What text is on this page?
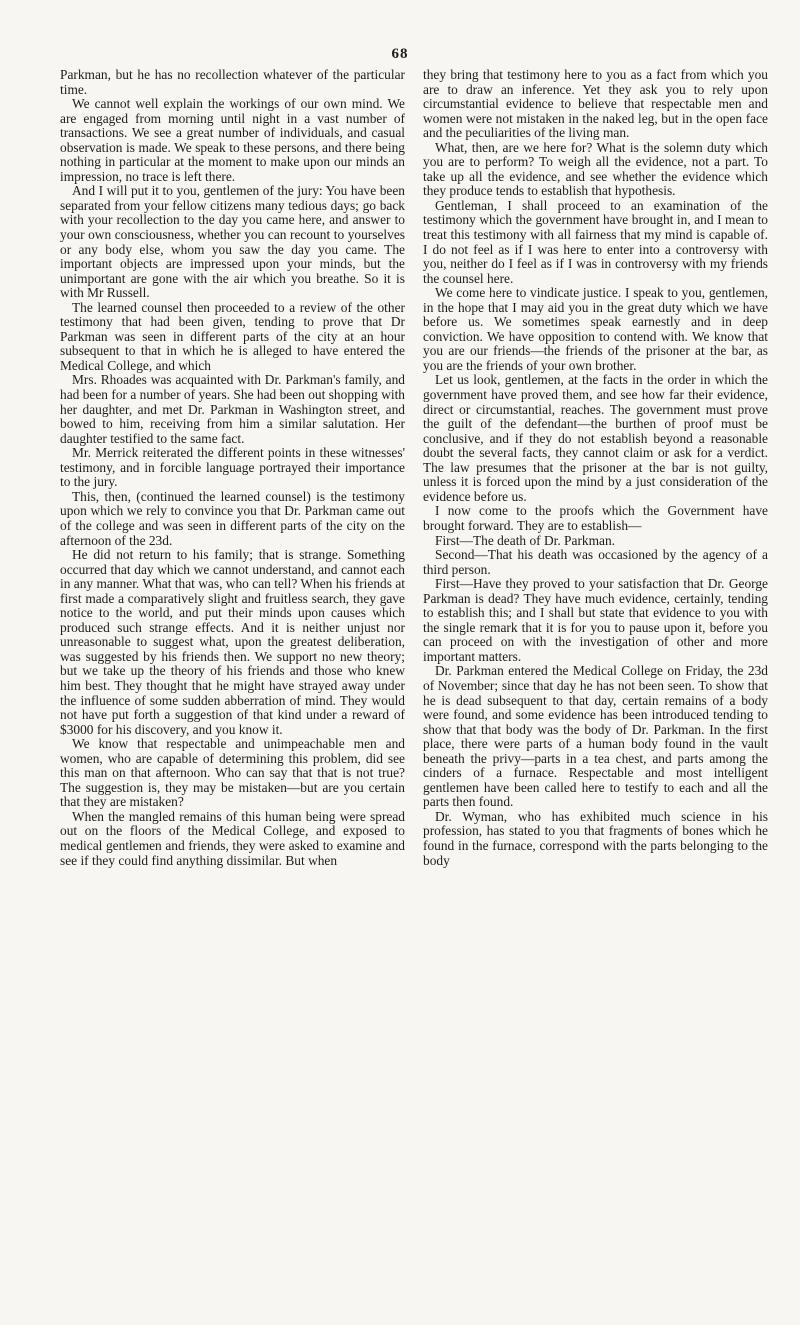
68

Parkman, but he has no recollection whatever of the particular time.

We cannot well explain the workings of our own mind. We are engaged from morning until night in a vast number of transactions. We see a great number of individuals, and casual observation is made. We speak to these persons, and there being nothing in particular at the moment to make upon our minds an impression, no trace is left there.

And I will put it to you, gentlemen of the jury: You have been separated from your fellow citizens many tedious days; go back with your recollection to the day you came here, and answer to your own consciousness, whether you can recount to yourselves or any body else, whom you saw the day you came. The important objects are impressed upon your minds, but the unimportant are gone with the air which you breathe. So it is with Mr Russell.

The learned counsel then proceeded to a review of the other testimony that had been given, tending to prove that Dr Parkman was seen in different parts of the city at an hour subsequent to that in which he is alleged to have entered the Medical College, and which

Mrs. Rhoades was acquainted with Dr. Parkman's family, and had been for a number of years. She had been out shopping with her daughter, and met Dr. Parkman in Washington street, and bowed to him, receiving from him a similar salutation. Her daughter testified to the same fact.

Mr. Merrick reiterated the different points in these witnesses' testimony, and in forcible language portrayed their importance to the jury.

This, then, (continued the learned counsel) is the testimony upon which we rely to convince you that Dr. Parkman came out of the college and was seen in different parts of the city on the afternoon of the 23d.

He did not return to his family; that is strange. Something occurred that day which we cannot understand, and cannot each in any manner. What that was, who can tell? When his friends at first made a comparatively slight and fruitless search, they gave notice to the world, and put their minds upon causes which produced such strange effects. And it is neither unjust nor unreasonable to suggest what, upon the greatest deliberation, was suggested by his friends then. We support no new theory; but we take up the theory of his friends and those who knew him best. They thought that he might have strayed away under the influence of some sudden abberration of mind. They would not have put forth a suggestion of that kind under a reward of $3000 for his discovery, and you know it.

We know that respectable and unimpeachable men and women, who are capable of determining this problem, did see this man on that afternoon. Who can say that that is not true? The suggestion is, they may be mistaken—but are you certain that they are mistaken?

When the mangled remains of this human being were spread out on the floors of the Medical College, and exposed to medical gentlemen and friends, they were asked to examine and see if they could find anything dissimilar. But when

they bring that testimony here to you as a fact from which you are to draw an inference. Yet they ask you to rely upon circumstantial evidence to believe that respectable men and women were not mistaken in the naked leg, but in the open face and the peculiarities of the living man.

What, then, are we here for? What is the solemn duty which you are to perform? To weigh all the evidence, not a part. To take up all the evidence, and see whether the evidence which they produce tends to establish that hypothesis.

Gentleman, I shall proceed to an examination of the testimony which the government have brought in, and I mean to treat this testimony with all fairness that my mind is capable of. I do not feel as if I was here to enter into a controversy with you, neither do I feel as if I was in controversy with my friends the counsel here.

We come here to vindicate justice. I speak to you, gentlemen, in the hope that I may aid you in the great duty which we have before us. We sometimes speak earnestly and in deep conviction. We have opposition to contend with. We know that you are our friends—the friends of the prisoner at the bar, as you are the friends of your own brother.

Let us look, gentlemen, at the facts in the order in which the government have proved them, and see how far their evidence, direct or circumstantial, reaches. The government must prove the guilt of the defendant—the burthen of proof must be conclusive, and if they do not establish beyond a reasonable doubt the several facts, they cannot claim or ask for a verdict. The law presumes that the prisoner at the bar is not guilty, unless it is forced upon the mind by a just consideration of the evidence before us.

I now come to the proofs which the Government have brought forward. They are to establish—

First—The death of Dr. Parkman.

Second—That his death was occasioned by the agency of a third person.

First—Have they proved to your satisfaction that Dr. George Parkman is dead? They have much evidence, certainly, tending to establish this; and I shall but state that evidence to you with the single remark that it is for you to pause upon it, before you can proceed on with the investigation of other and more important matters.

Dr. Parkman entered the Medical College on Friday, the 23d of November; since that day he has not been seen. To show that he is dead subsequent to that day, certain remains of a body were found, and some evidence has been introduced tending to show that that body was the body of Dr. Parkman. In the first place, there were parts of a human body found in the vault beneath the privy—parts in a tea chest, and parts among the cinders of a furnace. Respectable and most intelligent gentlemen have been called here to testify to each and all the parts then found.

Dr. Wyman, who has exhibited much science in his profession, has stated to you that fragments of bones which he found in the furnace, correspond with the parts belonging to the body
